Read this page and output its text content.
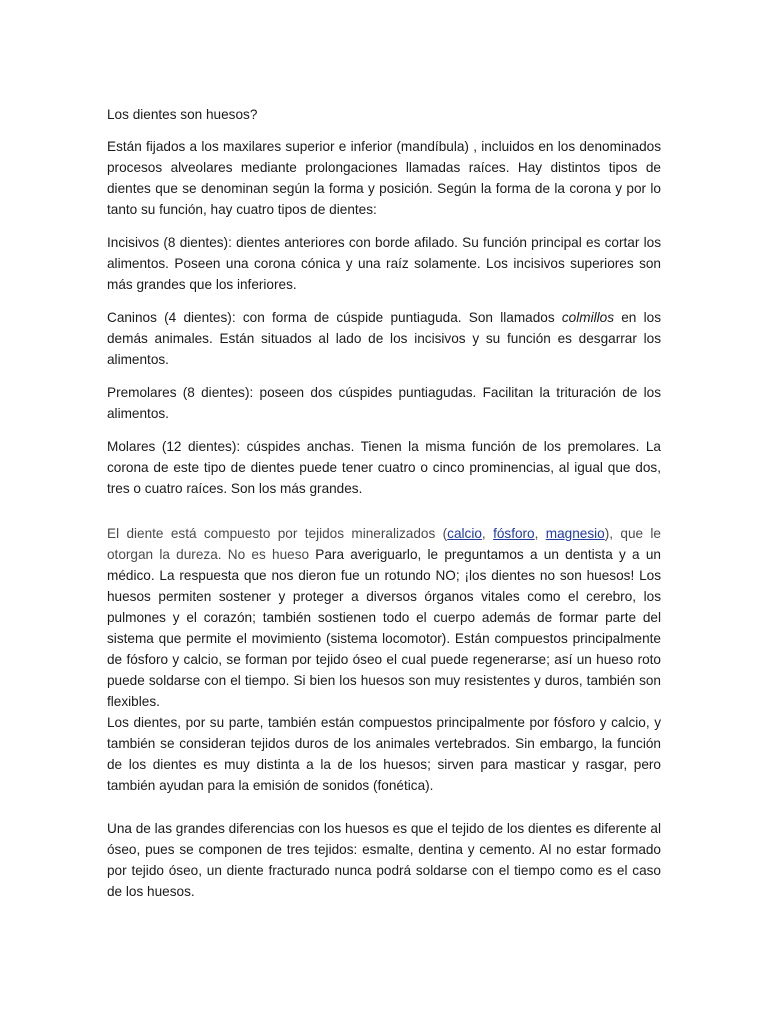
Los dientes son huesos?

Están fijados a los maxilares superior e inferior (mandíbula) , incluidos en los denominados procesos alveolares mediante prolongaciones llamadas raíces. Hay distintos tipos de dientes que se denominan según la forma y posición. Según la forma de la corona y por lo tanto su función, hay cuatro tipos de dientes:

Incisivos (8 dientes): dientes anteriores con borde afilado. Su función principal es cortar los alimentos. Poseen una corona cónica y una raíz solamente. Los incisivos superiores son más grandes que los inferiores.

Caninos (4 dientes): con forma de cúspide puntiaguda. Son llamados colmillos en los demás animales. Están situados al lado de los incisivos y su función es desgarrar los alimentos.

Premolares (8 dientes): poseen dos cúspides puntiagudas. Facilitan la trituración de los alimentos.

Molares (12 dientes): cúspides anchas. Tienen la misma función de los premolares. La corona de este tipo de dientes puede tener cuatro o cinco prominencias, al igual que dos, tres o cuatro raíces. Son los más grandes.

El diente está compuesto por tejidos mineralizados (calcio, fósforo, magnesio), que le otorgan la dureza. No es hueso Para averiguarlo, le preguntamos a un dentista y a un médico. La respuesta que nos dieron fue un rotundo NO; ¡los dientes no son huesos! Los huesos permiten sostener y proteger a diversos órganos vitales como el cerebro, los pulmones y el corazón; también sostienen todo el cuerpo además de formar parte del sistema que permite el movimiento (sistema locomotor). Están compuestos principalmente de fósforo y calcio, se forman por tejido óseo el cual puede regenerarse; así un hueso roto puede soldarse con el tiempo. Si bien los huesos son muy resistentes y duros, también son flexibles.

Los dientes, por su parte, también están compuestos principalmente por fósforo y calcio, y también se consideran tejidos duros de los animales vertebrados. Sin embargo, la función de los dientes es muy distinta a la de los huesos; sirven para masticar y rasgar, pero también ayudan para la emisión de sonidos (fonética).

Una de las grandes diferencias con los huesos es que el tejido de los dientes es diferente al óseo, pues se componen de tres tejidos: esmalte, dentina y cemento. Al no estar formado por tejido óseo, un diente fracturado nunca podrá soldarse con el tiempo como es el caso de los huesos.
